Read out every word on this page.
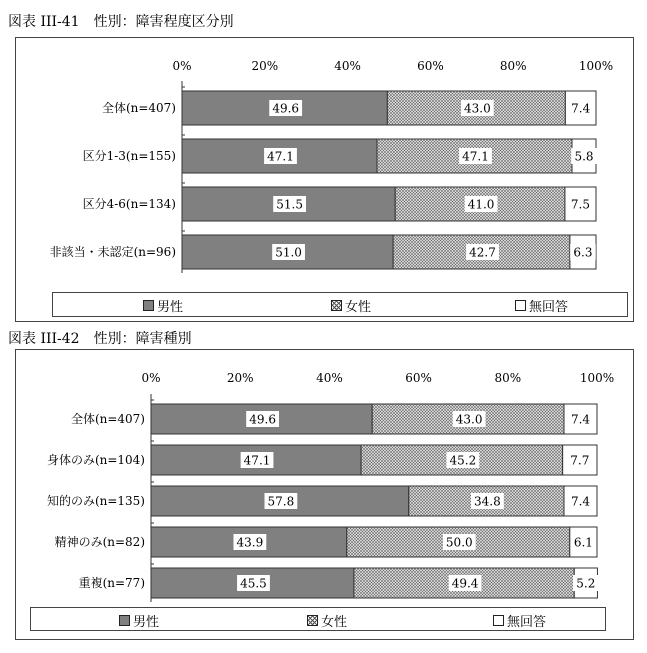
図表 III-41　性別：障害程度区分別
0%	20%	40%	60%	80%	100%
全体(n=407)	49.6	43.0	7.4
区分1-3(n=155)	47.1	47.1	5.8
区分4-6(n=134)	51.5	41.0	7.5
非該当・未認定(n=96)	51.0	42.7	6.3
男性	女性	無回答
図表 III-42　性別：障害種別
0%	20%	40%	60%	80%	100%
全体(n=407)	49.6	43.0	7.4
身体のみ(n=104)	47.1	45.2	7.7
知的のみ(n=135)	57.8	34.8	7.4
精神のみ(n=82)	43.9	50.0	6.1
重複(n=77)	45.5	49.4	5.2
男性	女性	無回答
